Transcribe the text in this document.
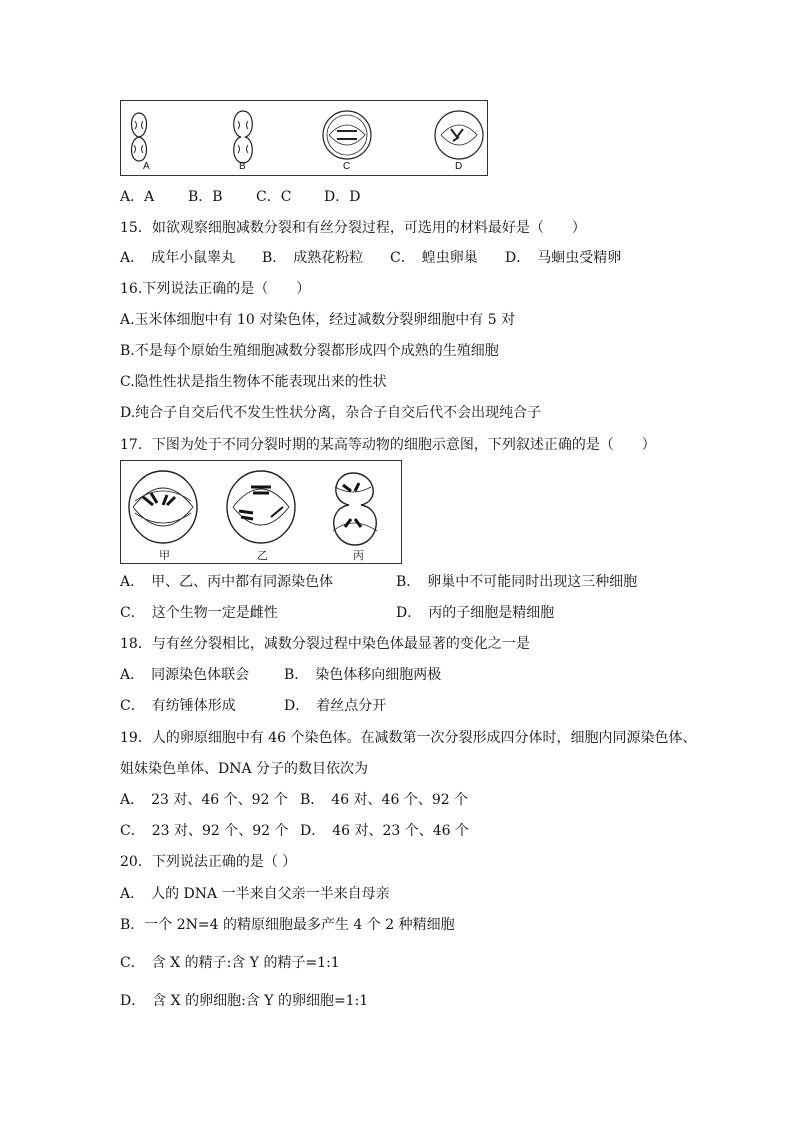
A	B	C	D
A．A B．B C．C D．D
15．如欲观察细胞减数分裂和有丝分裂过程，可选用的材料最好是（　　）
A．　成年小鼠睾丸 B．　成熟花粉粒 C．　蝗虫卵巢 D．　马蛔虫受精卵
16.下列说法正确的是（　　）
A.玉米体细胞中有 10 对染色体，经过减数分裂卵细胞中有 5 对
B.不是每个原始生殖细胞减数分裂都形成四个成熟的生殖细胞
C.隐性性状是指生物体不能表现出来的性状
D.纯合子自交后代不发生性状分离，杂合子自交后代不会出现纯合子
17．下图为处于不同分裂时期的某高等动物的细胞示意图，下列叙述正确的是（　　）
甲	乙	丙
A．　甲、乙、丙中都有同源染色体	B．　卵巢中不可能同时出现这三种细胞
C．　这个生物一定是雌性	D．　丙的子细胞是精细胞
18．与有丝分裂相比，减数分裂过程中染色体最显著的变化之一是
A．　同源染色体联会 B．　染色体移向细胞两极
C．　有纺锤体形成	D．　着丝点分开
19．人的卵原细胞中有 46 个染色体。在减数第一次分裂形成四分体时，细胞内同源染色体、
姐妹染色单体、DNA 分子的数目依次为
A．　23 对、46 个、92 个 B．　46 对、46 个、92 个
C．　23 对、92 个、92 个 D．　46 对、23 个、46 个
20．下列说法正确的是（ ）
A．　人的 DNA 一半来自父亲一半来自母亲
B．一个 2N=4 的精原细胞最多产生 4 个 2 种精细胞
C．　含 X 的精子:含 Y 的精子=1:1
D．　含 X 的卵细胞:含 Y 的卵细胞=1:1
